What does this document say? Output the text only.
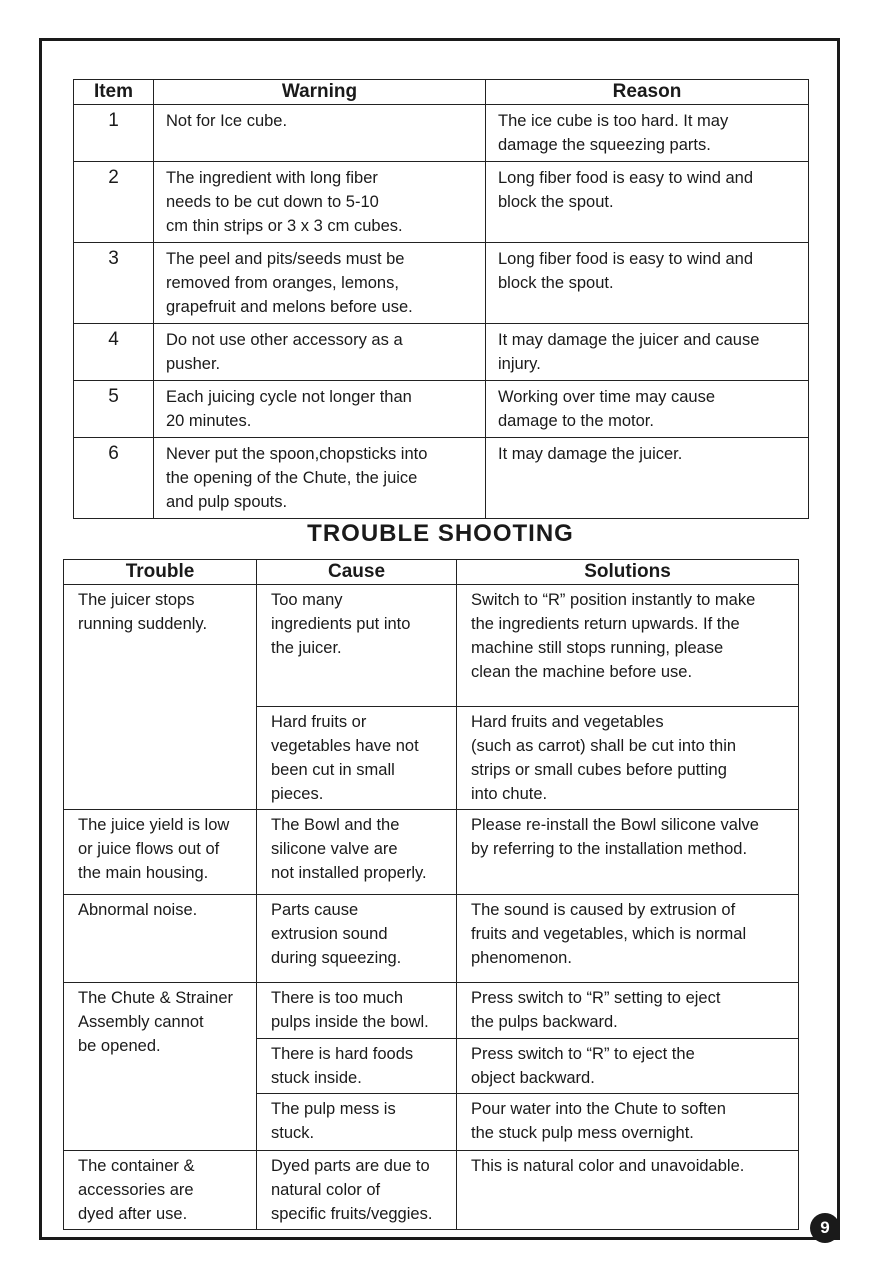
Item	Warning	Reason
1	Not for Ice cube.	The ice cube is too hard. It may
damage the squeezing parts.
2	The ingredient with long fiber
needs to be cut down to 5-10
cm thin strips or 3 x 3 cm cubes.	Long fiber food is easy to wind and
block the spout.
3	The peel and pits/seeds must be
removed from oranges, lemons,
grapefruit and melons before use.	Long fiber food is easy to wind and
block the spout.
4	Do not use other accessory as a
pusher.	It may damage the juicer and cause
injury.
5	Each juicing cycle not longer than
20 minutes.	Working over time may cause
damage to the motor.
6	Never put the spoon,chopsticks into
the opening of the Chute, the juice
and pulp spouts.	It may damage the juicer.
TROUBLE SHOOTING
Trouble	Cause	Solutions
The juicer stops
running suddenly.	Too many
ingredients put into
the juicer.	Switch to “R” position instantly to make
the ingredients return upwards. If the
machine still stops running, please
clean the machine before use.
	Hard fruits or
vegetables have not
been cut in small
pieces.	Hard fruits and vegetables
(such as carrot) shall be cut into thin
strips or small cubes before putting
into chute.
The juice yield is low
or juice flows out of
the main housing.	The Bowl and the
silicone valve are
not installed properly.	Please re-install the Bowl silicone valve
by referring to the installation method.
Abnormal noise.	Parts cause
extrusion sound
during squeezing.	The sound is caused by extrusion of
fruits and vegetables, which is normal
phenomenon.
The Chute & Strainer
Assembly cannot
be opened.	There is too much
pulps inside the bowl.	Press switch to “R” setting to eject
the pulps backward.
	There is hard foods
stuck inside.	Press switch to “R” to eject the
object backward.
	The pulp mess is
stuck.	Pour water into the Chute to soften
the stuck pulp mess overnight.
The container &
accessories are
dyed after use.	Dyed parts are due to
natural color of
specific fruits/veggies.	This is natural color and unavoidable.
9
